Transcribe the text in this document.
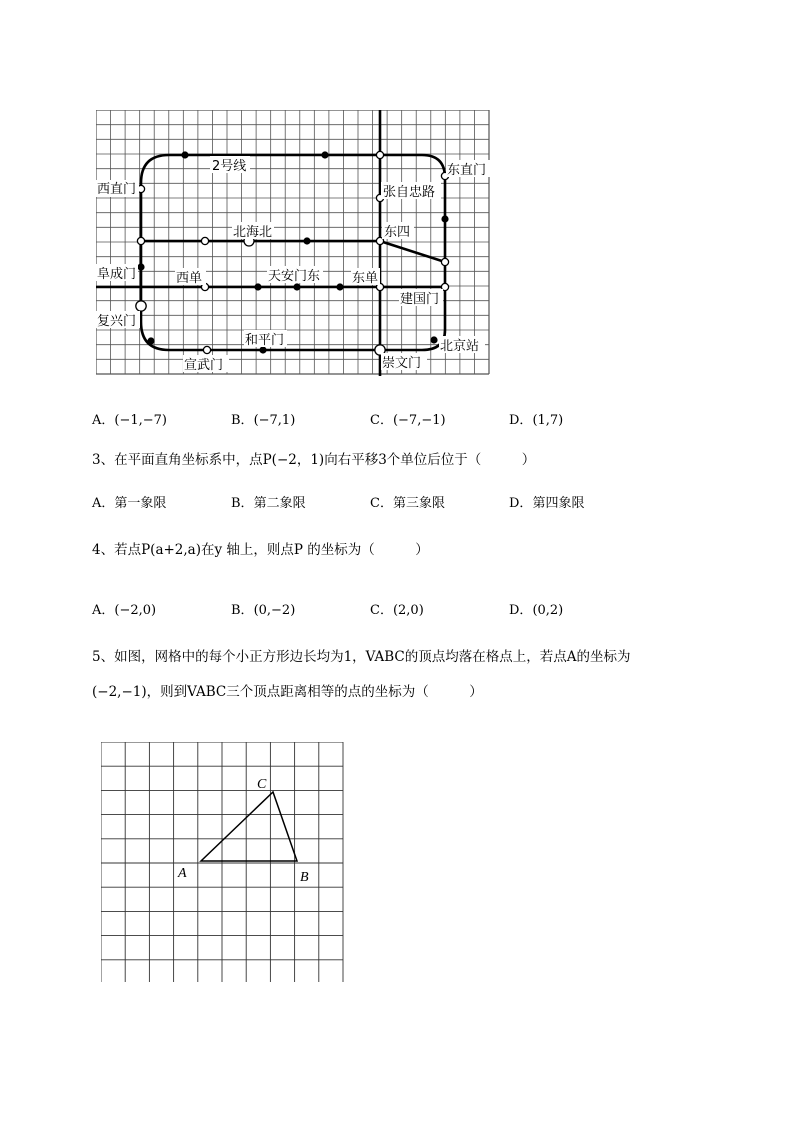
2号线
西直门
东直门
张自忠路
北海北	东四
阜成门	西单	天安门东 东单
建国门
复兴门
和平门	北京站
宣武门	崇文门
A．(−1,−7)	B．(−7,1)	C．(−7,−1)	D．(1,7)
3、在平面直角坐标系中，点P(−2，1)向右平移3个单位后位于（　　　）
A．第一象限	B．第二象限	C．第三象限	D．第四象限
4、若点P(a+2,a)在y 轴上，则点P 的坐标为（　　　）
A．(−2,0)	B．(0,−2)	C．(2,0)	D．(0,2)
5、如图，网格中的每个小正方形边长均为1，VABC的顶点均落在格点上，若点A的坐标为
(−2,−1)，则到VABC三个顶点距离相等的点的坐标为（　　　）
A	B
C
